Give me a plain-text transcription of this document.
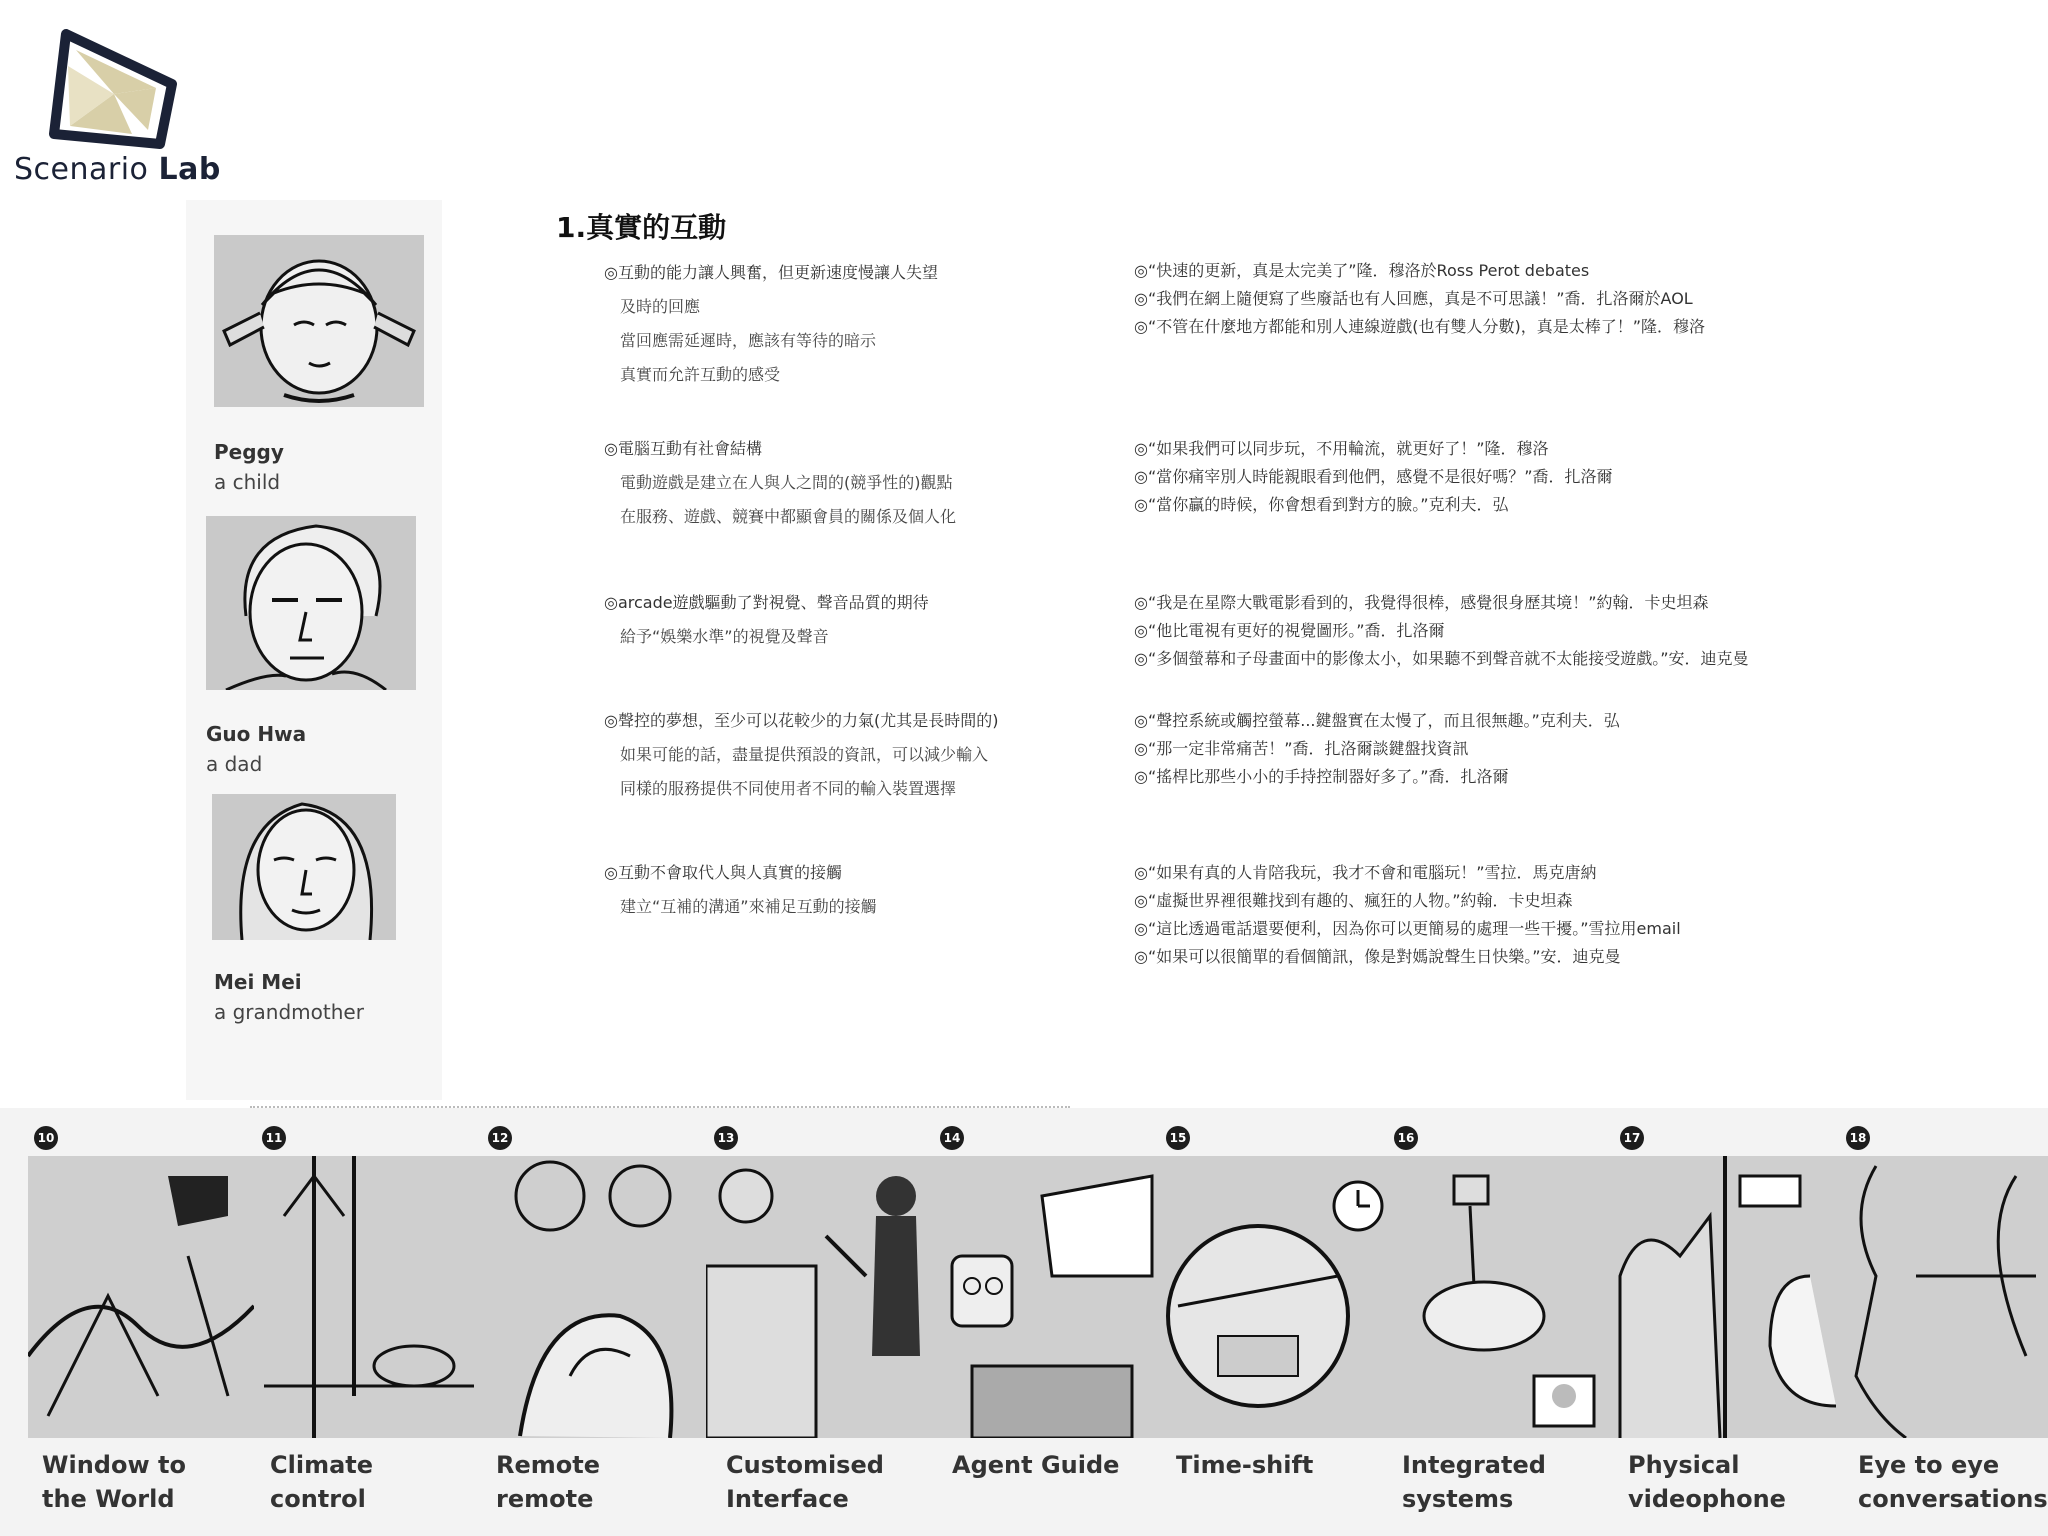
Scenario Lab
Peggy
a child
Guo Hwa
a dad
Mei Mei
a grandmother
1.真實的互動
◎互動的能力讓人興奮，但更新速度慢讓人失望
及時的回應
當回應需延遲時，應該有等待的暗示
真實而允許互動的感受
◎“快速的更新，真是太完美了”隆．穆洛於Ross Perot debates
◎“我們在網上隨便寫了些廢話也有人回應，真是不可思議！”喬．扎洛爾於AOL
◎“不管在什麼地方都能和別人連線遊戲(也有雙人分數)，真是太棒了！”隆．穆洛
◎電腦互動有社會結構
電動遊戲是建立在人與人之間的(競爭性的)觀點
在服務、遊戲、競賽中都顯會員的關係及個人化
◎“如果我們可以同步玩，不用輪流，就更好了！”隆．穆洛
◎“當你痛宰別人時能親眼看到他們，感覺不是很好嗎？”喬．扎洛爾
◎“當你贏的時候，你會想看到對方的臉。”克利夫．弘
◎arcade遊戲驅動了對視覺、聲音品質的期待
給予“娛樂水準”的視覺及聲音
◎“我是在星際大戰電影看到的，我覺得很棒，感覺很身歷其境！”約翰．卡史坦森
◎“他比電視有更好的視覺圖形。”喬．扎洛爾
◎“多個螢幕和子母畫面中的影像太小，如果聽不到聲音就不太能接受遊戲。”安．迪克曼
◎聲控的夢想，至少可以花較少的力氣(尤其是長時間的)
如果可能的話，盡量提供預設的資訊，可以減少輸入
同樣的服務提供不同使用者不同的輸入裝置選擇
◎“聲控系統或觸控螢幕...鍵盤實在太慢了，而且很無趣。”克利夫．弘
◎“那一定非常痛苦！”喬．扎洛爾談鍵盤找資訊
◎“搖桿比那些小小的手持控制器好多了。”喬．扎洛爾
◎互動不會取代人與人真實的接觸
建立“互補的溝通”來補足互動的接觸
◎“如果有真的人肯陪我玩，我才不會和電腦玩！”雪拉．馬克唐納
◎“虛擬世界裡很難找到有趣的、瘋狂的人物。”約翰．卡史坦森
◎“這比透過電話還要便利，因為你可以更簡易的處理一些干擾。”雪拉用email
◎“如果可以很簡單的看個簡訊，像是對媽說聲生日快樂。”安．迪克曼
10	11	12	13	14	15	16	17	18
Window to
the World
Climate
control
Remote
remote
Customised
Interface
Agent Guide	Time-shift	Integrated
systems
Physical
videophone
Eye to eye
conversations
